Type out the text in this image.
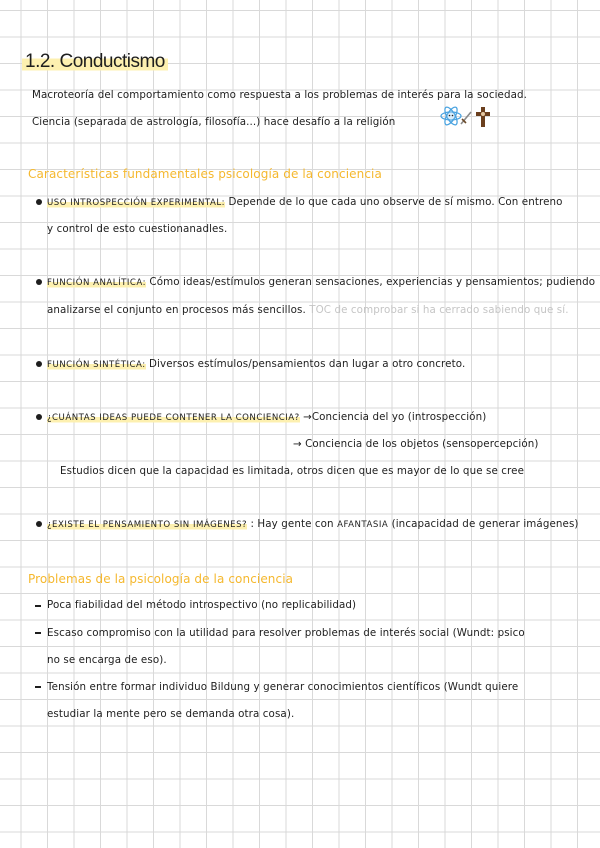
1.2. Conductismo
Macroteoría del comportamiento como respuesta a los problemas de interés para la sociedad.
Ciencia (separada de astrología, filosofía...) hace desafío a la religión
Características fundamentales psicología de la conciencia
USO INTROSPECCIÓN EXPERIMENTAL: Depende de lo que cada uno observe de sí mismo. Con entreno
y control de esto cuestionanadles.
FUNCIÓN ANALÍTICA: Cómo ideas/estímulos generan sensaciones, experiencias y pensamientos; pudiendo
analizarse el conjunto en procesos más sencillos. TOC de comprobar si ha cerrado sabiendo que sí.
FUNCIÓN SINTÉTICA: Diversos estímulos/pensamientos dan lugar a otro concreto.
¿CUÁNTAS IDEAS PUEDE CONTENER LA CONCIENCIA? →Conciencia del yo (introspección)
→ Conciencia de los objetos (sensopercepción)
Estudios dicen que la capacidad es limitada, otros dicen que es mayor de lo que se cree
¿EXISTE EL PENSAMIENTO SIN IMÁGENES? : Hay gente con AFANTASIA (incapacidad de generar imágenes)
Problemas de la psicología de la conciencia
Poca fiabilidad del método introspectivo (no replicabilidad)
Escaso compromiso con la utilidad para resolver problemas de interés social (Wundt: psico
no se encarga de eso).
Tensión entre formar individuo Bildung y generar conocimientos científicos (Wundt quiere
estudiar la mente pero se demanda otra cosa).
